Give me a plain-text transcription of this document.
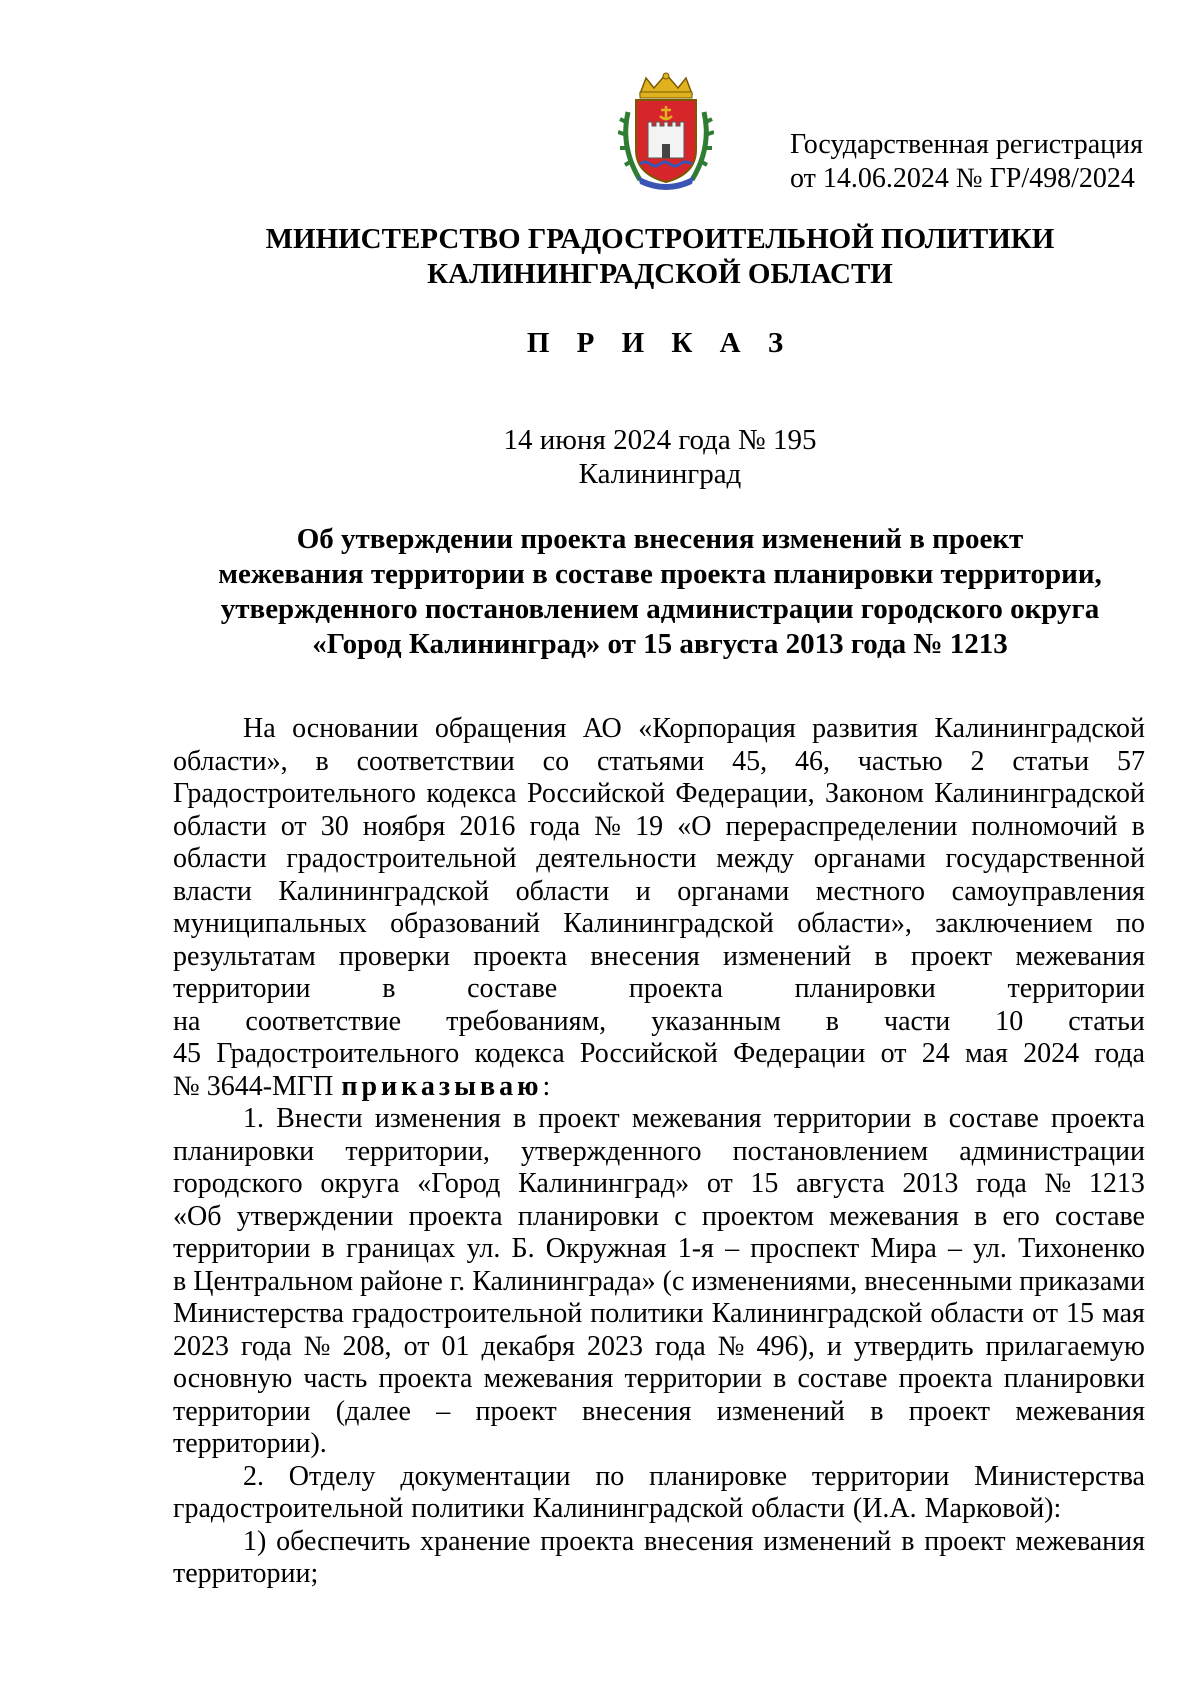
Государственная регистрация
от 14.06.2024 № ГР/498/2024
МИНИСТЕРСТВО ГРАДОСТРОИТЕЛЬНОЙ ПОЛИТИКИ
КАЛИНИНГРАДСКОЙ ОБЛАСТИ
П Р И К А З
14 июня 2024 года № 195
Калининград
Об утверждении проекта внесения изменений в проект
межевания территории в составе проекта планировки территории,
утвержденного постановлением администрации городского округа
«Город Калининград» от 15 августа 2013 года № 1213
На основании обращения АО «Корпорация развития Калининградской
области», в соответствии со статьями 45, 46, частью 2 статьи 57
Градостроительного кодекса Российской Федерации, Законом Калининградской
области от 30 ноября 2016 года № 19 «О перераспределении полномочий в
области градостроительной деятельности между органами государственной
власти Калининградской области и органами местного самоуправления
муниципальных образований Калининградской области», заключением по
результатам проверки проекта внесения изменений в проект межевания
территории	в	составе	проекта	планировки	территории
на соответствие требованиям, указанным в части 10 статьи
45 Градостроительного кодекса Российской Федерации от 24 мая 2024 года
№ 3644-МГП приказываю :
1. Внести изменения в проект межевания территории в составе проекта
планировки территории, утвержденного постановлением администрации
городского округа «Город Калининград» от 15 августа 2013 года № 1213
«Об утверждении проекта планировки с проектом межевания в его составе
территории в границах ул. Б. Окружная 1-я – проспект Мира – ул. Тихоненко
в Центральном районе г. Калининграда» (с изменениями, внесенными приказами
Министерства градостроительной политики Калининградской области от 15 мая
2023 года № 208, от 01 декабря 2023 года № 496), и утвердить прилагаемую
основную часть проекта межевания территории в составе проекта планировки
территории (далее – проект внесения изменений в проект межевания
территории).
2. Отделу документации по планировке территории Министерства
градостроительной политики Калининградской области (И.А. Марковой):
1) обеспечить хранение проекта внесения изменений в проект межевания
территории;
